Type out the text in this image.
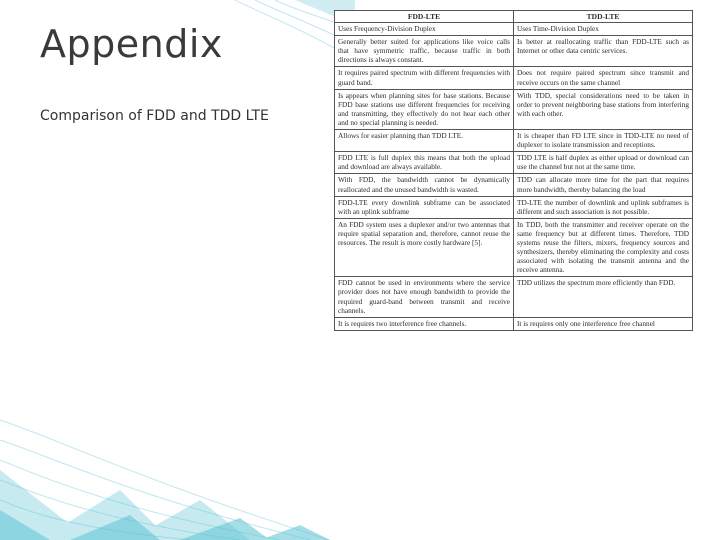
Appendix
Comparison of FDD and TDD LTE
FDD-LTE	TDD-LTE
Uses Frequency-Division Duplex	Uses Time-Division Duplex
Generally better suited for applications like voice calls that have symmetric traffic, because traffic in both directions is always constant.	Is better at reallocating traffic than FDD-LTE such as Internet or other data centric services.
It requires paired spectrum with different frequencies with guard band.	Does not require paired spectrum since transmit and receive occurs on the same channel
Is appears when planning sites for base stations. Because FDD base stations use different frequencies for receiving and transmitting, they effectively do not hear each other and no special planning is needed.	With TDD, special considerations need to be taken in order to prevent neighboring base stations from interfering with each other.
Allows for easier planning than TDD LTE.	It is cheaper than FD LTE since in TDD-LTE no need of duplexer to isolate transmission and receptions.
FDD LTE is full duplex this means that both the upload and download are always available.	TDD LTE is half duplex as either upload or download can use the channel but not at the same time.
With FDD, the bandwidth cannot be dynamically reallocated and the unused bandwidth is wasted.	TDD can allocate more time for the part that requires more bandwidth, thereby balancing the load
FDD-LTE every downlink subframe can be associated with an uplink subframe	TD-LTE the number of downlink and uplink subframes is different and such association is not possible.
An FDD system uses a duplexer and/or two antennas that require spatial separation and, therefore, cannot reuse the resources. The result is more costly hardware [5].	In TDD, both the transmitter and receiver operate on the same frequency but at different times. Therefore, TDD systems reuse the filters, mixers, frequency sources and synthesizers, thereby eliminating the complexity and costs associated with isolating the transmit antenna and the receive antenna.
FDD cannot be used in environments where the service provider does not have enough bandwidth to provide the required guard-band between transmit and receive channels.	TDD utilizes the spectrum more efficiently than FDD.
It is requires two interference free channels.	It is requires only one interference free channel
